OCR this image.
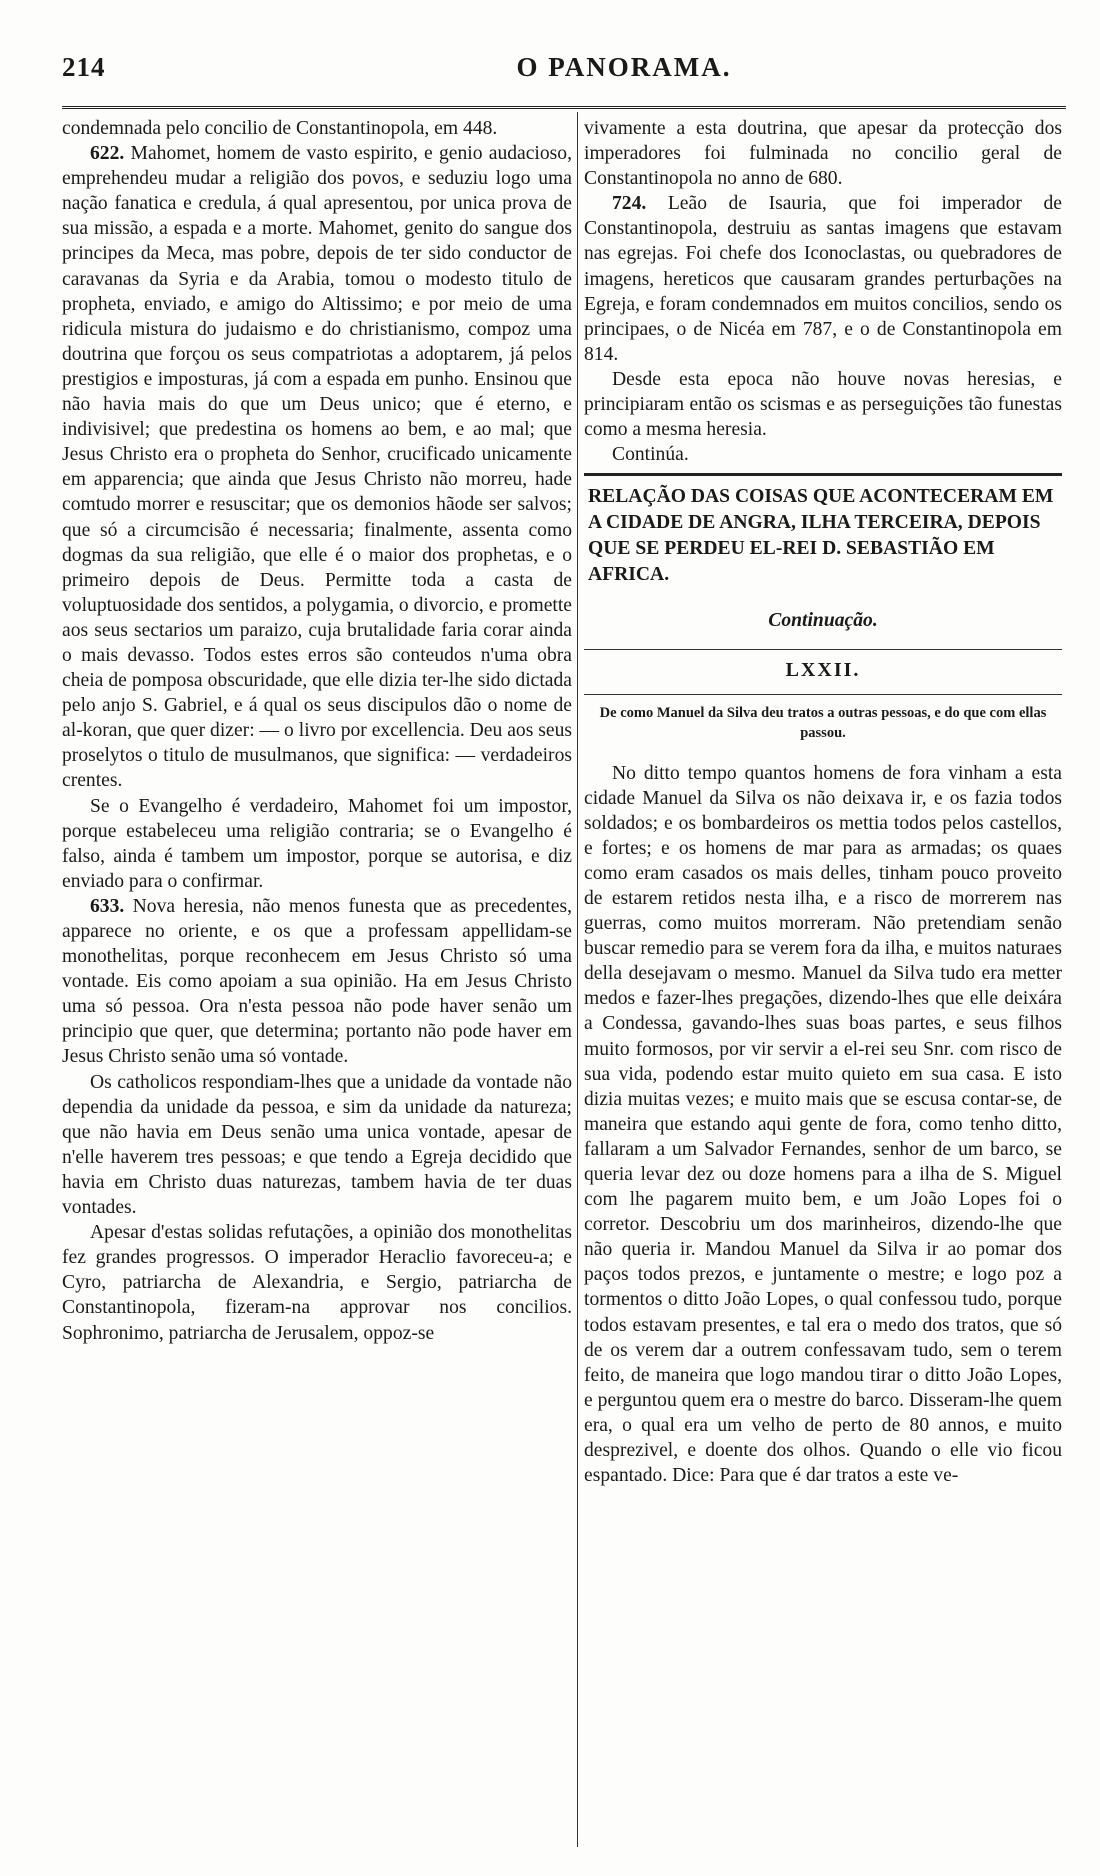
214	O PANORAMA.

condemnada pelo concilio de Constantinopola, em 448.

622. Mahomet, homem de vasto espirito, e genio audacioso, emprehendeu mudar a religião dos povos, e seduziu logo uma nação fanatica e credula, á qual apresentou, por unica prova de sua missão, a espada e a morte. Mahomet, genito do sangue dos principes da Meca, mas pobre, depois de ter sido conductor de caravanas da Syria e da Arabia, tomou o modesto titulo de propheta, enviado, e amigo do Altissimo; e por meio de uma ridicula mistura do judaismo e do christianismo, compoz uma doutrina que forçou os seus compatriotas a adoptarem, já pelos prestigios e imposturas, já com a espada em punho. Ensinou que não havia mais do que um Deus unico; que é eterno, e indivisivel; que predestina os homens ao bem, e ao mal; que Jesus Christo era o propheta do Senhor, crucificado unicamente em apparencia; que ainda que Jesus Christo não morreu, hade comtudo morrer e resuscitar; que os demonios hãode ser salvos; que só a circumcisão é necessaria; finalmente, assenta como dogmas da sua religião, que elle é o maior dos prophetas, e o primeiro depois de Deus. Permitte toda a casta de voluptuosidade dos sentidos, a polygamia, o divorcio, e promette aos seus sectarios um paraizo, cuja brutalidade faria corar ainda o mais devasso. Todos estes erros são conteudos n'uma obra cheia de pomposa obscuridade, que elle dizia ter-lhe sido dictada pelo anjo S. Gabriel, e á qual os seus discipulos dão o nome de al-koran, que quer dizer: — o livro por excellencia. Deu aos seus proselytos o titulo de musulmanos, que significa: — verdadeiros crentes.

Se o Evangelho é verdadeiro, Mahomet foi um impostor, porque estabeleceu uma religião contraria; se o Evangelho é falso, ainda é tambem um impostor, porque se autorisa, e diz enviado para o confirmar.

633. Nova heresia, não menos funesta que as precedentes, apparece no oriente, e os que a professam appellidam-se monothelitas, porque reconhecem em Jesus Christo só uma vontade. Eis como apoiam a sua opinião. Ha em Jesus Christo uma só pessoa. Ora n'esta pessoa não pode haver senão um principio que quer, que determina; portanto não pode haver em Jesus Christo senão uma só vontade.

Os catholicos respondiam-lhes que a unidade da vontade não dependia da unidade da pessoa, e sim da unidade da natureza; que não havia em Deus senão uma unica vontade, apesar de n'elle haverem tres pessoas; e que tendo a Egreja decidido que havia em Christo duas naturezas, tambem havia de ter duas vontades.

Apesar d'estas solidas refutações, a opinião dos monothelitas fez grandes progressos. O imperador Heraclio favoreceu-a; e Cyro, patriarcha de Alexandria, e Sergio, patriarcha de Constantinopola, fizeram-na approvar nos concilios. Sophronimo, patriarcha de Jerusalem, oppoz-se

vivamente a esta doutrina, que apesar da protecção dos imperadores foi fulminada no concilio geral de Constantinopola no anno de 680.

724. Leão de Isauria, que foi imperador de Constantinopola, destruiu as santas imagens que estavam nas egrejas. Foi chefe dos Iconoclastas, ou quebradores de imagens, hereticos que causaram grandes perturbações na Egreja, e foram condemnados em muitos concilios, sendo os principaes, o de Nicéa em 787, e o de Constantinopola em 814.

Desde esta epoca não houve novas heresias, e principiaram então os scismas e as perseguições tão funestas como a mesma heresia.

Continúa.

RELAÇÃO DAS COISAS QUE ACONTECERAM EM A CIDADE DE ANGRA, ILHA TERCEIRA, DEPOIS QUE SE PERDEU EL-REI D. SEBASTIÃO EM AFRICA.
Continuação.
LXXII.
De como Manuel da Silva deu tratos a outras pessoas, e do que com ellas passou.

No ditto tempo quantos homens de fora vinham a esta cidade Manuel da Silva os não deixava ir, e os fazia todos soldados; e os bombardeiros os mettia todos pelos castellos, e fortes; e os homens de mar para as armadas; os quaes como eram casados os mais delles, tinham pouco proveito de estarem retidos nesta ilha, e a risco de morrerem nas guerras, como muitos morreram. Não pretendiam senão buscar remedio para se verem fora da ilha, e muitos naturaes della desejavam o mesmo. Manuel da Silva tudo era metter medos e fazer-lhes pregações, dizendo-lhes que elle deixára a Condessa, gavando-lhes suas boas partes, e seus filhos muito formosos, por vir servir a el-rei seu Snr. com risco de sua vida, podendo estar muito quieto em sua casa. E isto dizia muitas vezes; e muito mais que se escusa contar-se, de maneira que estando aqui gente de fora, como tenho ditto, fallaram a um Salvador Fernandes, senhor de um barco, se queria levar dez ou doze homens para a ilha de S. Miguel com lhe pagarem muito bem, e um João Lopes foi o corretor. Descobriu um dos marinheiros, dizendo-lhe que não queria ir. Mandou Manuel da Silva ir ao pomar dos paços todos prezos, e juntamente o mestre; e logo poz a tormentos o ditto João Lopes, o qual confessou tudo, porque todos estavam presentes, e tal era o medo dos tratos, que só de os verem dar a outrem confessavam tudo, sem o terem feito, de maneira que logo mandou tirar o ditto João Lopes, e perguntou quem era o mestre do barco. Disseram-lhe quem era, o qual era um velho de perto de 80 annos, e muito desprezivel, e doente dos olhos. Quando o elle vio ficou espantado. Dice: Para que é dar tratos a este ve-
